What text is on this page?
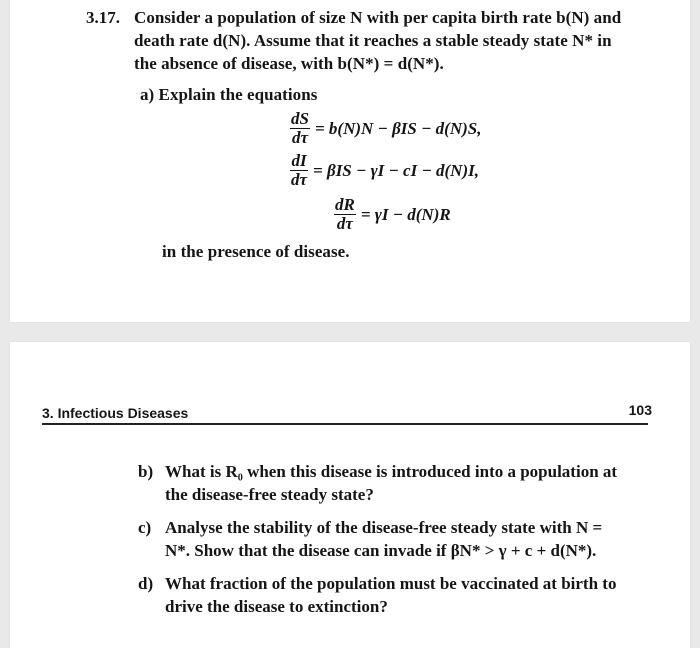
3.17. Consider a population of size N with per capita birth rate b(N) and
death rate d(N). Assume that it reaches a stable steady state N* in
the absence of disease, with b(N*) = d(N*).
a) Explain the equations
$\frac{dS}{d\tau} = b(N)N - \beta IS - d(N)S$,
$\frac{dI}{d\tau} = \beta IS - \gamma I$ − cI − d(N)I,
$\frac{dR}{d\tau} = \gamma I - d(N)R$
in the presence of disease.
3. Infectious Diseases	103
b) What is R₀ when this disease is introduced into a population at
the disease-free steady state?
c) Analyse the stability of the disease-free steady state with N =
N*. Show that the disease can invade if βN* > γ + c + d(N*).
d) What fraction of the population must be vaccinated at birth to
drive the disease to extinction?
